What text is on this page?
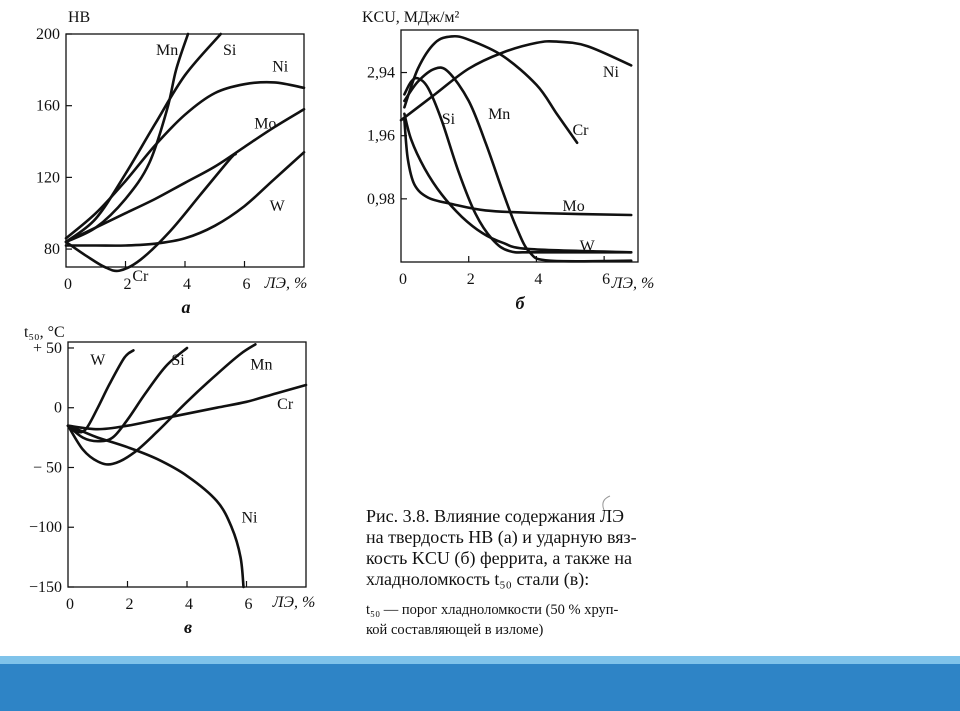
0	2	4	6
80
120
160
200
НВ
ЛЭ, %
а
Mn	Si
Ni
Mo
W
Cr	0	2	4	6
0,98
1,96
2,94
KCU, МДж/м²
ЛЭ, %
б
Ni
Cr
Si Mn
Mo
W
0	2	4	6
+ 50
0
− 50
−100
−150
t₅₀, °C
ЛЭ, %
в
W	Si	Mn
Cr
Ni	Рис. 3.8. Влияние содержания ЛЭ
на твердость НВ (а) и ударную вяз-
кость KCU (б) феррита, а также на
хладноломкость t₅₀ стали (в):
t₅₀ — порог хладноломкости (50 % хруп-
кой составляющей в изломе)
